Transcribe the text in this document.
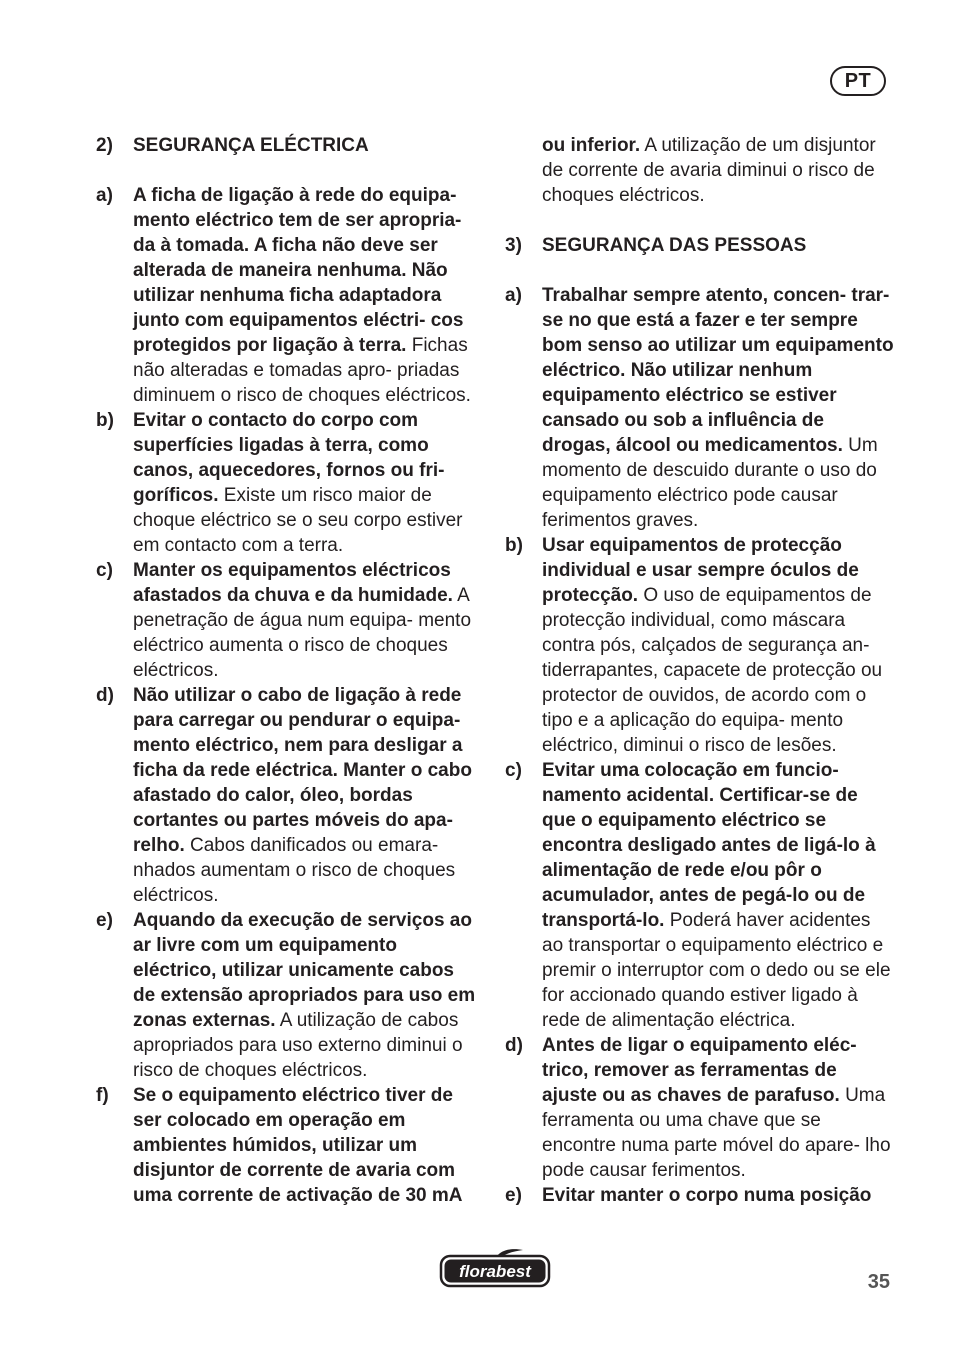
PT
2) SEGURANÇA ELÉCTRICA
a) A ficha de ligação à rede do equipa- mento eléctrico tem de ser apropria- da à tomada. A ficha não deve ser alterada de maneira nenhuma. Não utilizar nenhuma ficha adaptadora junto com equipamentos eléctri- cos protegidos por ligação à terra. Fichas não alteradas e tomadas apro- priadas diminuem o risco de choques eléctricos.
b) Evitar o contacto do corpo com superfícies ligadas à terra, como canos, aquecedores, fornos ou fri- goríficos. Existe um risco maior de choque eléctrico se o seu corpo estiver em contacto com a terra.
c) Manter os equipamentos eléctricos afastados da chuva e da humidade. A penetração de água num equipa- mento eléctrico aumenta o risco de choques eléctricos.
d) Não utilizar o cabo de ligação à rede para carregar ou pendurar o equipa- mento eléctrico, nem para desligar a ficha da rede eléctrica. Manter o cabo afastado do calor, óleo, bordas cortantes ou partes móveis do apa- relho. Cabos danificados ou emara- nhados aumentam o risco de choques eléctricos.
e) Aquando da execução de serviços ao ar livre com um equipamento eléctrico, utilizar unicamente cabos de extensão apropriados para uso em zonas externas. A utilização de cabos apropriados para uso externo diminui o risco de choques eléctricos.
f) Se o equipamento eléctrico tiver de ser colocado em operação em ambientes húmidos, utilizar um disjuntor de corrente de avaria com uma corrente de activação de 30 mA
ou inferior. A utilização de um disjuntor de corrente de avaria diminui o risco de choques eléctricos.
3) SEGURANÇA DAS PESSOAS
a) Trabalhar sempre atento, concen- trar-se no que está a fazer e ter sempre bom senso ao utilizar um equipamento eléctrico. Não utilizar nenhum equipamento eléctrico se estiver cansado ou sob a influência de drogas, álcool ou medicamentos. Um momento de descuido durante o uso do equipamento eléctrico pode causar ferimentos graves.
b) Usar equipamentos de protecção individual e usar sempre óculos de protecção. O uso de equipamentos de protecção individual, como máscara contra pós, calçados de segurança an- tiderrapantes, capacete de protecção ou protector de ouvidos, de acordo com o tipo e a aplicação do equipa- mento eléctrico, diminui o risco de lesões.
c) Evitar uma colocação em funcio- namento acidental. Certificar-se de que o equipamento eléctrico se encontra desligado antes de ligá-lo à alimentação de rede e/ou pôr o acumulador, antes de pegá-lo ou de transportá-lo. Poderá haver acidentes ao transportar o equipamento eléctrico e premir o interruptor com o dedo ou se ele for accionado quando estiver ligado à rede de alimentação eléctrica.
d) Antes de ligar o equipamento eléc- trico, remover as ferramentas de ajuste ou as chaves de parafuso. Uma ferramenta ou uma chave que se encontre numa parte móvel do apare- lho pode causar ferimentos.
e) Evitar manter o corpo numa posição
florabest	35
